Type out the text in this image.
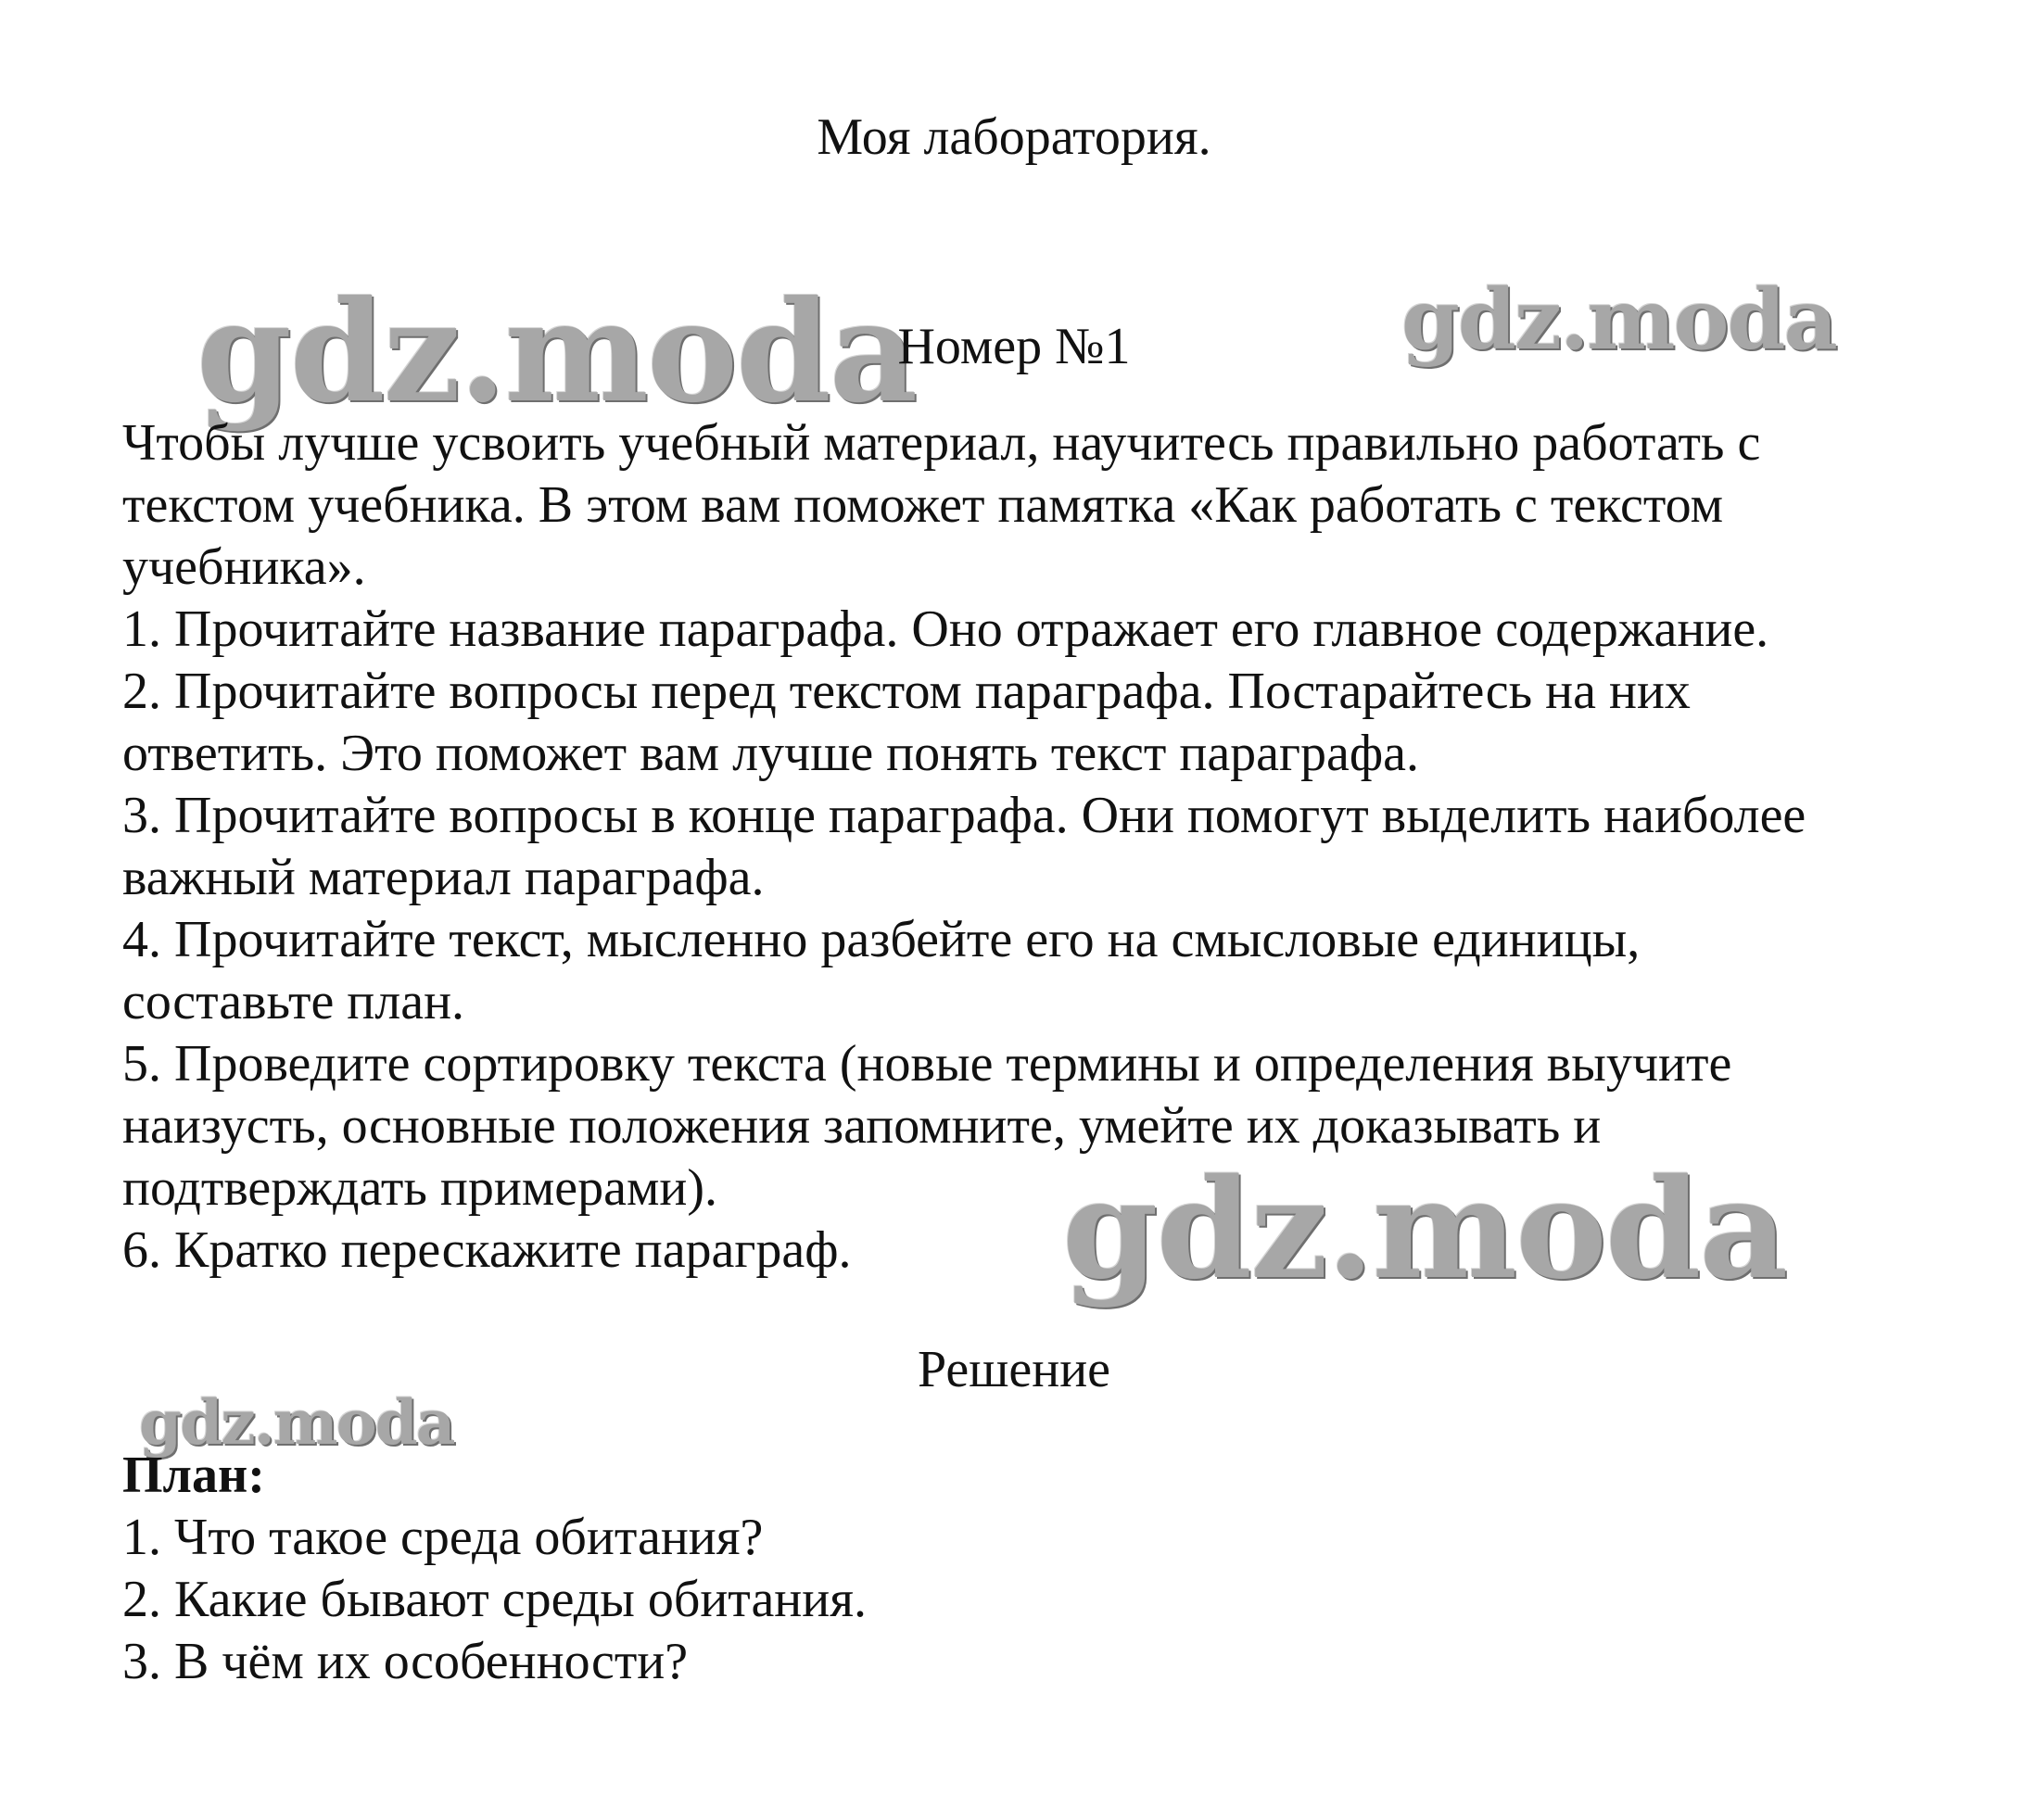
gdz.moda	gdz.moda
gdz.moda
gdz.moda
Моя лаборатория.
Номер №1

Чтобы лучше усвоить учебный материал, научитесь правильно работать с

текстом учебника. В этом вам поможет памятка «Как работать с текстом

учебника».

1. Прочитайте название параграфа. Оно отражает его главное содержание.

2. Прочитайте вопросы перед текстом параграфа. Постарайтесь на них

ответить. Это поможет вам лучше понять текст параграфа.

3. Прочитайте вопросы в конце параграфа. Они помогут выделить наиболее

важный материал параграфа.

4. Прочитайте текст, мысленно разбейте его на смысловые единицы,

составьте план.

5. Проведите сортировку текста (новые термины и определения выучите

наизусть, основные положения запомните, умейте их доказывать и

подтверждать примерами).

6. Кратко перескажите параграф.

Решение

План:

1. Что такое среда обитания?

2. Какие бывают среды обитания.

3. В чём их особенности?
